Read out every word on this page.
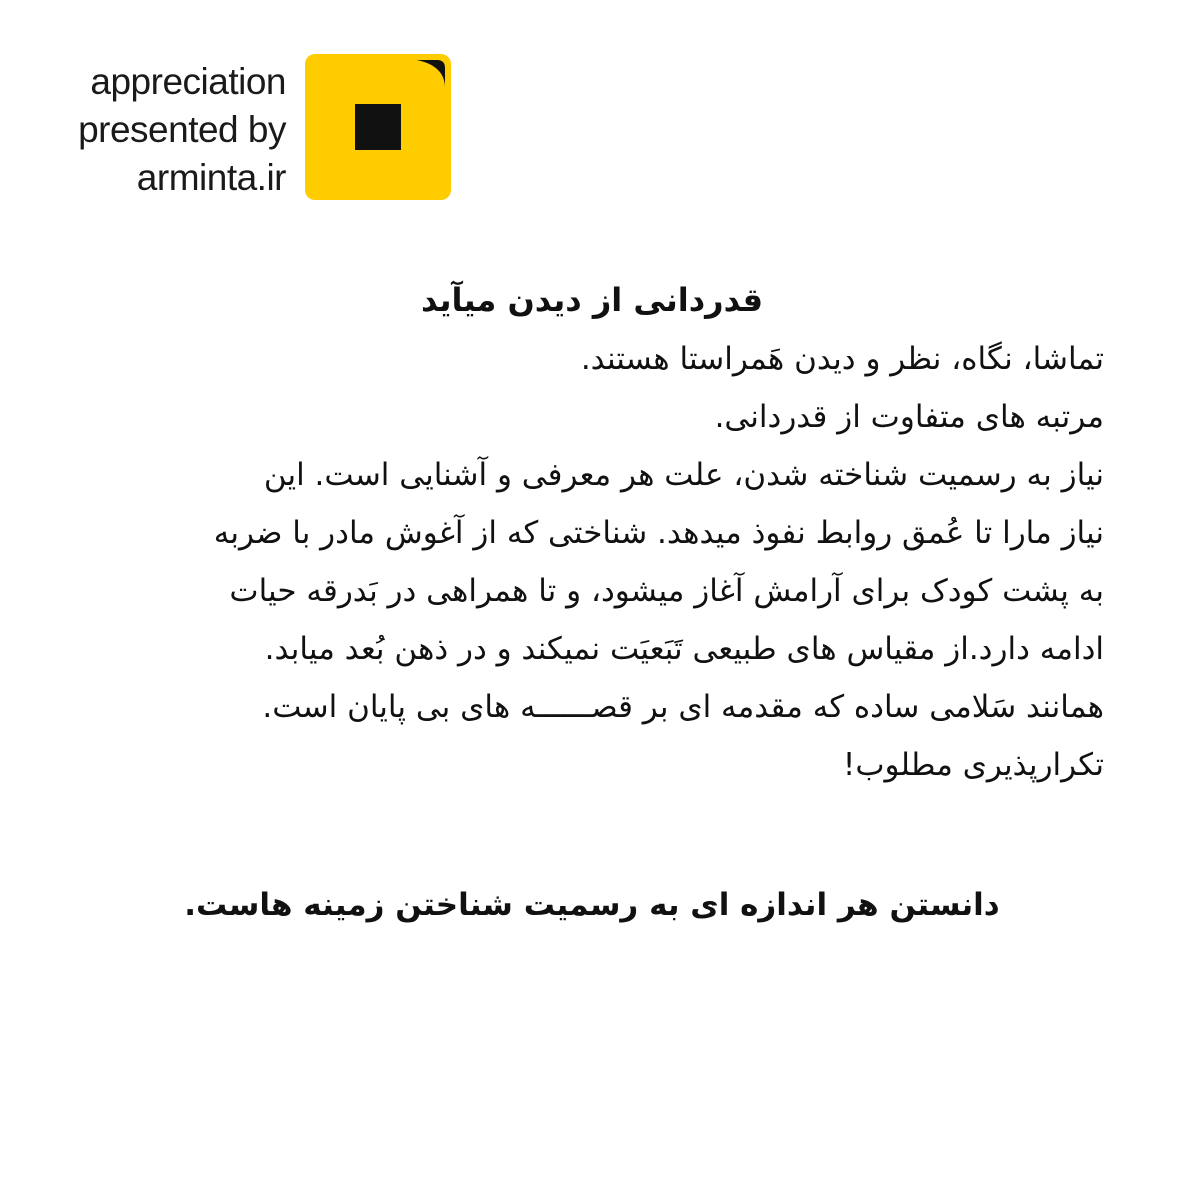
appreciation
presented by
arminta.ir
قدردانی از دیدن میآید
تماشا، نگاه، نظر و دیدن هَمراستا هستند.
مرتبه های متفاوت از قدردانی.
نیاز به رسمیت شناخته شدن، علت هر معرفی و آشنایی است. این
نیاز مارا تا عُمق روابط نفوذ میدهد. شناختی که از آغوش مادر با ضربه
به پشت کودک برای آرامش آغاز میشود، و تا همراهی در بَدرقه حیات
ادامه دارد.از مقیاس های طبیعی تَبَعیَت نمیکند و در ذهن بُعد میابد.
همانند سَلامی ساده که مقدمه ای بر قصــــــه های بی پایان است.
تکرارپذیری مطلوب!
دانستن هر اندازه ای به رسمیت شناختن زمینه هاست.
